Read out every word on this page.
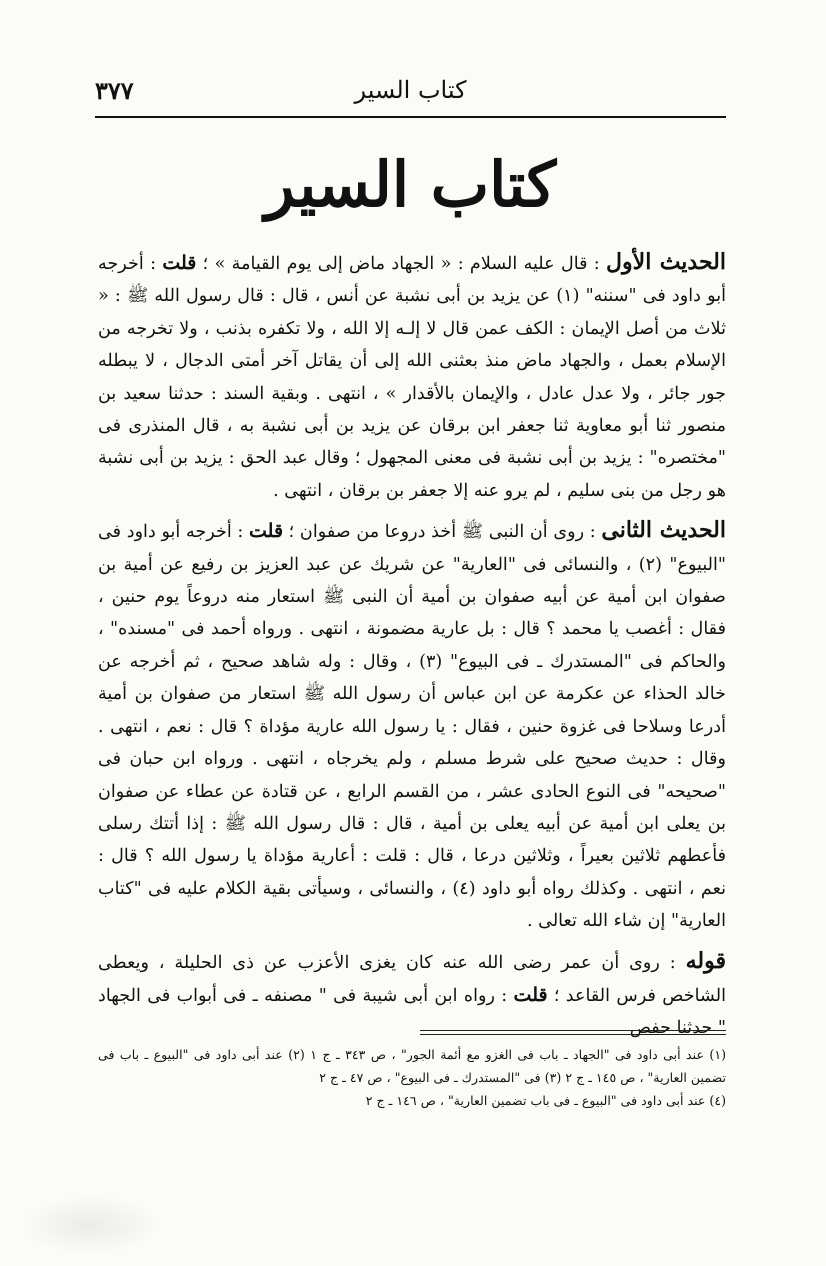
كتاب السير
٣٧٧
كتاب السير

الحديث الأول : قال عليه السلام : « الجهاد ماض إلى يوم القيامة » ؛ قلت : أخرجه أبو داود فى "سننه" (١) عن يزيد بن أبى نشبة عن أنس ، قال : قال رسول الله ﷺ : « ثلاث من أصل الإيمان : الكف عمن قال لا إلـه إلا الله ، ولا تكفره بذنب ، ولا تخرجه من الإسلام بعمل ، والجهاد ماض منذ بعثنى الله إلى أن يقاتل آخر أمتى الدجال ، لا يبطله جور جائر ، ولا عدل عادل ، والإيمان بالأقدار » ، انتهى . وبقية السند : حدثنا سعيد بن منصور ثنا أبو معاوية ثنا جعفر ابن برقان عن يزيد بن أبى نشبة به ، قال المنذرى فى "مختصره" : يزيد بن أبى نشبة فى معنى المجهول ؛ وقال عبد الحق : يزيد بن أبى نشبة هو رجل من بنى سليم ، لم يرو عنه إلا جعفر بن برقان ، انتهى .

الحديث الثانى : روى أن النبى ﷺ أخذ دروعا من صفوان ؛ قلت : أخرجه أبو داود فى "البيوع" (٢) ، والنسائى فى "العارية" عن شريك عن عبد العزيز بن رفيع عن أمية بن صفوان ابن أمية عن أبيه صفوان بن أمية أن النبى ﷺ استعار منه دروعاً يوم حنين ، فقال : أغصب يا محمد ؟ قال : بل عارية مضمونة ، انتهى . ورواه أحمد فى "مسنده" ، والحاكم فى "المستدرك ـ فى البيوع" (٣) ، وقال : وله شاهد صحيح ، ثم أخرجه عن خالد الحذاء عن عكرمة عن ابن عباس أن رسول الله ﷺ استعار من صفوان بن أمية أدرعا وسلاحا فى غزوة حنين ، فقال : يا رسول الله عارية مؤداة ؟ قال : نعم ، انتهى . وقال : حديث صحيح على شرط مسلم ، ولم يخرجاه ، انتهى . ورواه ابن حبان فى "صحيحه" فى النوع الحادى عشر ، من القسم الرابع ، عن قتادة عن عطاء عن صفوان بن يعلى ابن أمية عن أبيه يعلى بن أمية ، قال : قال رسول الله ﷺ : إذا أتتك رسلى فأعطهم ثلاثين بعيراً ، وثلاثين درعا ، قال : قلت : أعارية مؤداة يا رسول الله ؟ قال : نعم ، انتهى . وكذلك رواه أبو داود (٤) ، والنسائى ، وسيأتى بقية الكلام عليه فى "كتاب العارية" إن شاء الله تعالى .

قوله : روى أن عمر رضى الله عنه كان يغزى الأعزب عن ذى الحليلة ، ويعطى الشاخص فرس القاعد ؛ قلت : رواه ابن أبى شيبة فى " مصنفه ـ فى أبواب فى الجهاد " حدثنا حفص

(١) عند أبى داود فى "الجهاد ـ باب فى الغزو مع أئمة الجور" ، ص ٣٤٣ ـ ج ١ (٢) عند أبى داود فى "البيوع ـ باب فى تضمين العارية" ، ص ١٤٥ ـ ج ٢ (٣) فى "المستدرك ـ فى البيوع" ، ص ٤٧ ـ ج ٢

(٤) عند أبى داود فى "البيوع ـ فى باب تضمين العارية" ، ص ١٤٦ ـ ج ٢
